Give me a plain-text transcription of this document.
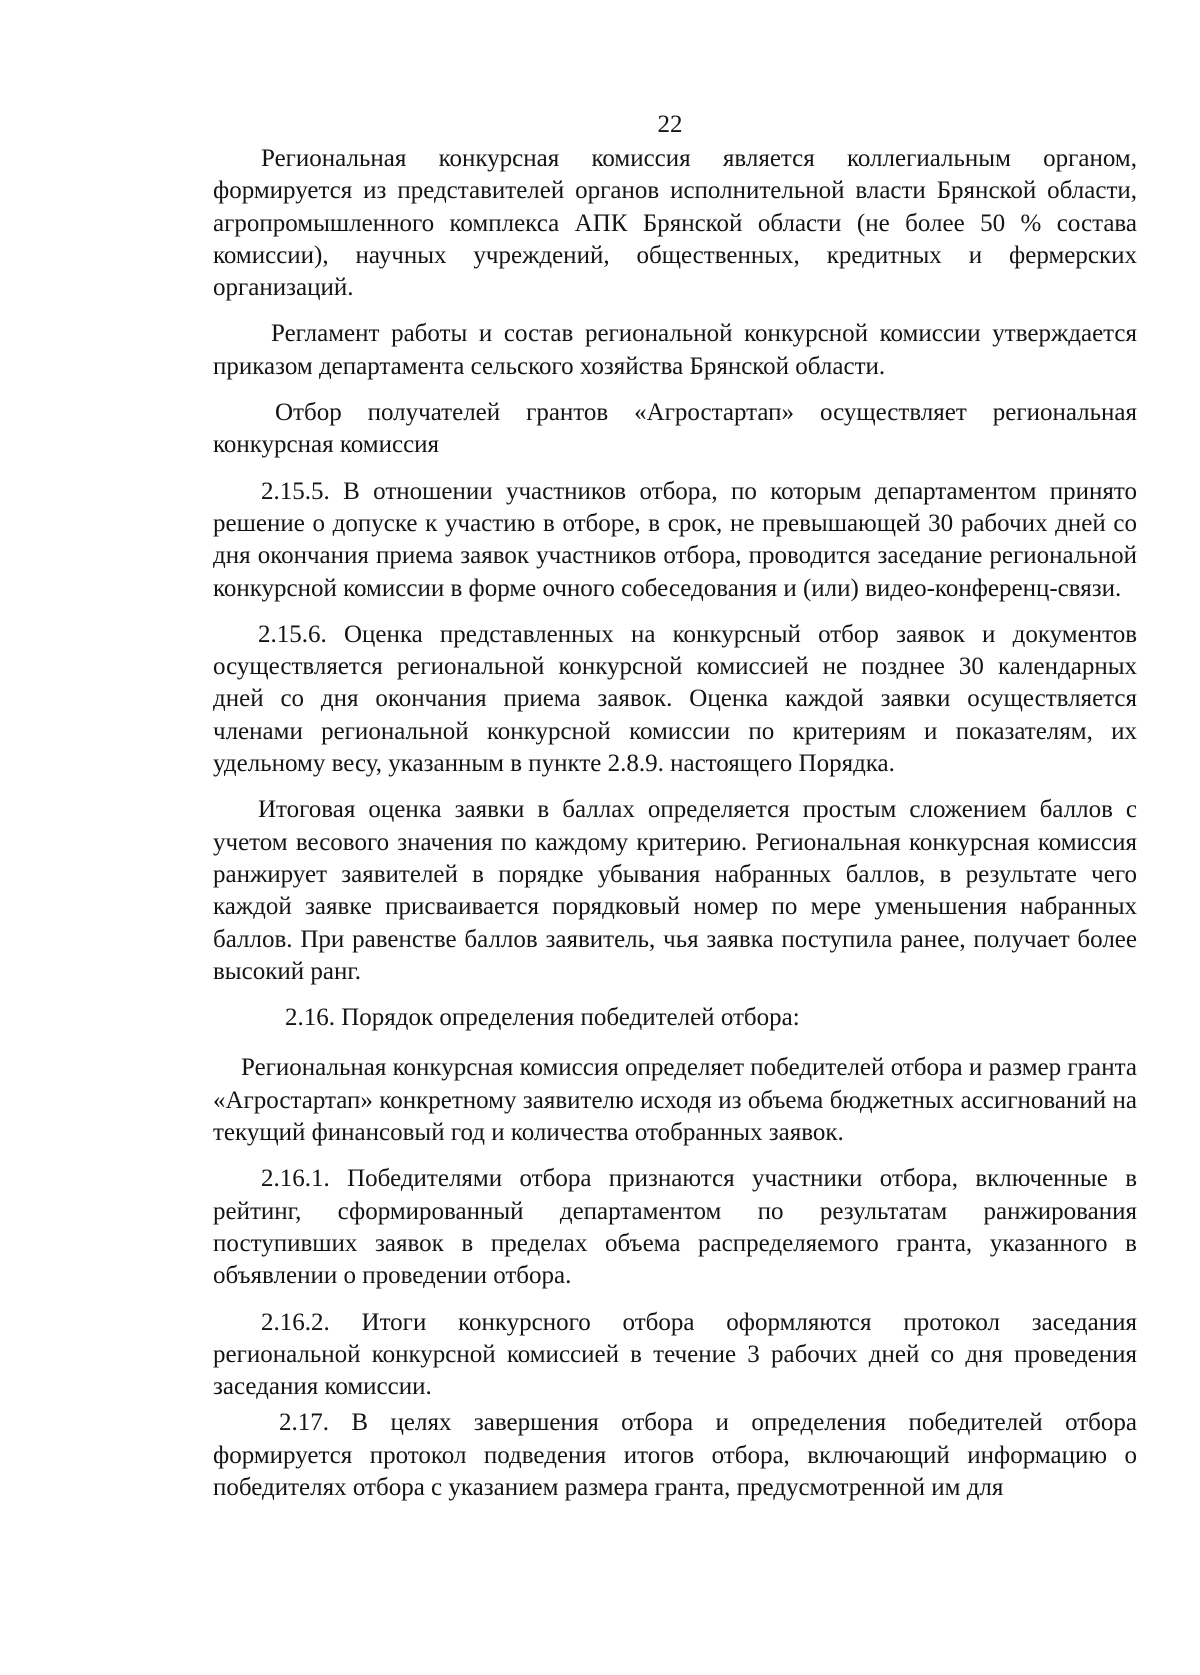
22

Региональная конкурсная комиссия является коллегиальным органом, формируется из представителей органов исполнительной власти Брянской области, агропромышленного комплекса АПК Брянской области (не более 50 % состава комиссии), научных учреждений, общественных, кредитных и фермерских организаций.

Регламент работы и состав региональной конкурсной комиссии утверждается приказом департамента сельского хозяйства Брянской области.

Отбор получателей грантов «Агростартап» осуществляет региональная конкурсная комиссия

2.15.5. В отношении участников отбора, по которым департаментом принято решение о допуске к участию в отборе, в срок, не превышающей 30 рабочих дней со дня окончания приема заявок участников отбора, проводится заседание региональной конкурсной комиссии в форме очного собеседования и (или) видео-конференц-связи.

2.15.6. Оценка представленных на конкурсный отбор заявок и документов осуществляется региональной конкурсной комиссией не позднее 30 календарных дней со дня окончания приема заявок. Оценка каждой заявки осуществляется членами региональной конкурсной комиссии по критериям и показателям, их удельному весу, указанным в пункте 2.8.9. настоящего Порядка.

Итоговая оценка заявки в баллах определяется простым сложением баллов с учетом весового значения по каждому критерию. Региональная конкурсная комиссия ранжирует заявителей в порядке убывания набранных баллов, в результате чего каждой заявке присваивается порядковый номер по мере уменьшения набранных баллов. При равенстве баллов заявитель, чья заявка поступила ранее, получает более высокий ранг.

2.16. Порядок определения победителей отбора:

Региональная конкурсная комиссия определяет победителей отбора и размер гранта «Агростартап» конкретному заявителю исходя из объема бюджетных ассигнований на текущий финансовый год и количества отобранных заявок.

2.16.1. Победителями отбора признаются участники отбора, включенные в рейтинг, сформированный департаментом по результатам ранжирования поступивших заявок в пределах объема распределяемого гранта, указанного в объявлении о проведении отбора.

2.16.2. Итоги конкурсного отбора оформляются протокол заседания региональной конкурсной комиссией в течение 3 рабочих дней со дня проведения заседания комиссии.

2.17. В целях завершения отбора и определения победителей отбора формируется протокол подведения итогов отбора, включающий информацию о победителях отбора с указанием размера гранта, предусмотренной им для
